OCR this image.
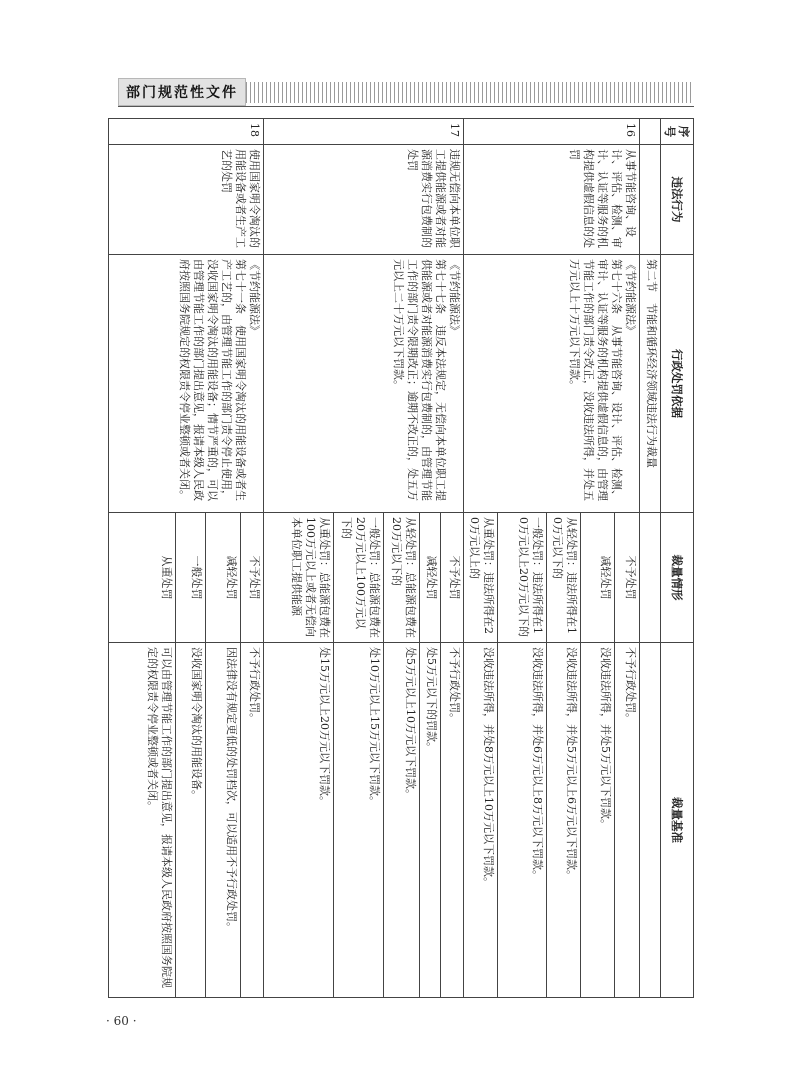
部门规范性文件
序号	违法行为	行政处罚依据	裁量情形	裁量基准
		第二节　节能和循环经济领域违法行为裁量		
16	从事节能咨询、设计、评估、检测、审计、认证等服务的机构提供虚假信息的处罚	《节约能源法》
第七十六条　从事节能咨询、设计、评估、检测、审计、认证等服务的机构提供虚假信息的，由管理节能工作的部门责令改正，没收违法所得，并处五万元以上十万元以下罚款。	不予处罚	不予行政处罚。
			减轻处罚	没收违法所得，并处5万元以下罚款。
			从轻处罚：违法所得在10万元以下的	没收违法所得，并处5万元以上6万元以下罚款。
			一般处罚：违法所得在10万元以上20万元以下的	没收违法所得，并处6万元以上8万元以下罚款。
			从重处罚：违法所得在20万元以上的	没收违法所得，并处8万元以上10万元以下罚款。
17	违规无偿向本单位职工提供能源或者对能源消费实行包费制的处罚	《节约能源法》
第七十七条　违反本法规定，无偿向本单位职工提供能源或者对能源消费实行包费制的，由管理节能工作的部门责令限期改正；逾期不改正的，处五万元以上二十万元以下罚款。	不予处罚	不予行政处罚。
			减轻处罚	处5万元以下的罚款。
			从轻处罚：总能源包费在20万元以下的	处5万元以上10万元以下罚款。
			一般处罚：总能源包费在20万元以上100万元以下的	处10万元以上15万元以下罚款。
			从重处罚：总能源包费在100万元以上或者无偿向本单位职工提供能源	处15万元以上20万元以下罚款。
18	使用国家明令淘汰的用能设备或者生产工艺的处罚	《节约能源法》
第七十一条　使用国家明令淘汰的用能设备或者生产工艺的，由管理节能工作的部门责令停止使用，没收国家明令淘汰的用能设备；情节严重的，可以由管理节能工作的部门提出意见，报请本级人民政府按照国务院规定的权限责令停业整顿或者关闭。	不予处罚	不予行政处罚。
			减轻处罚	因法律没有规定更低的处罚档次，可以适用不予行政处罚。
			一般处罚	没收国家明令淘汰的用能设备。
			从重处罚	可以由管理节能工作的部门提出意见，报请本级人民政府按照国务院规定的权限责令停业整顿或者关闭。
· 60 ·
